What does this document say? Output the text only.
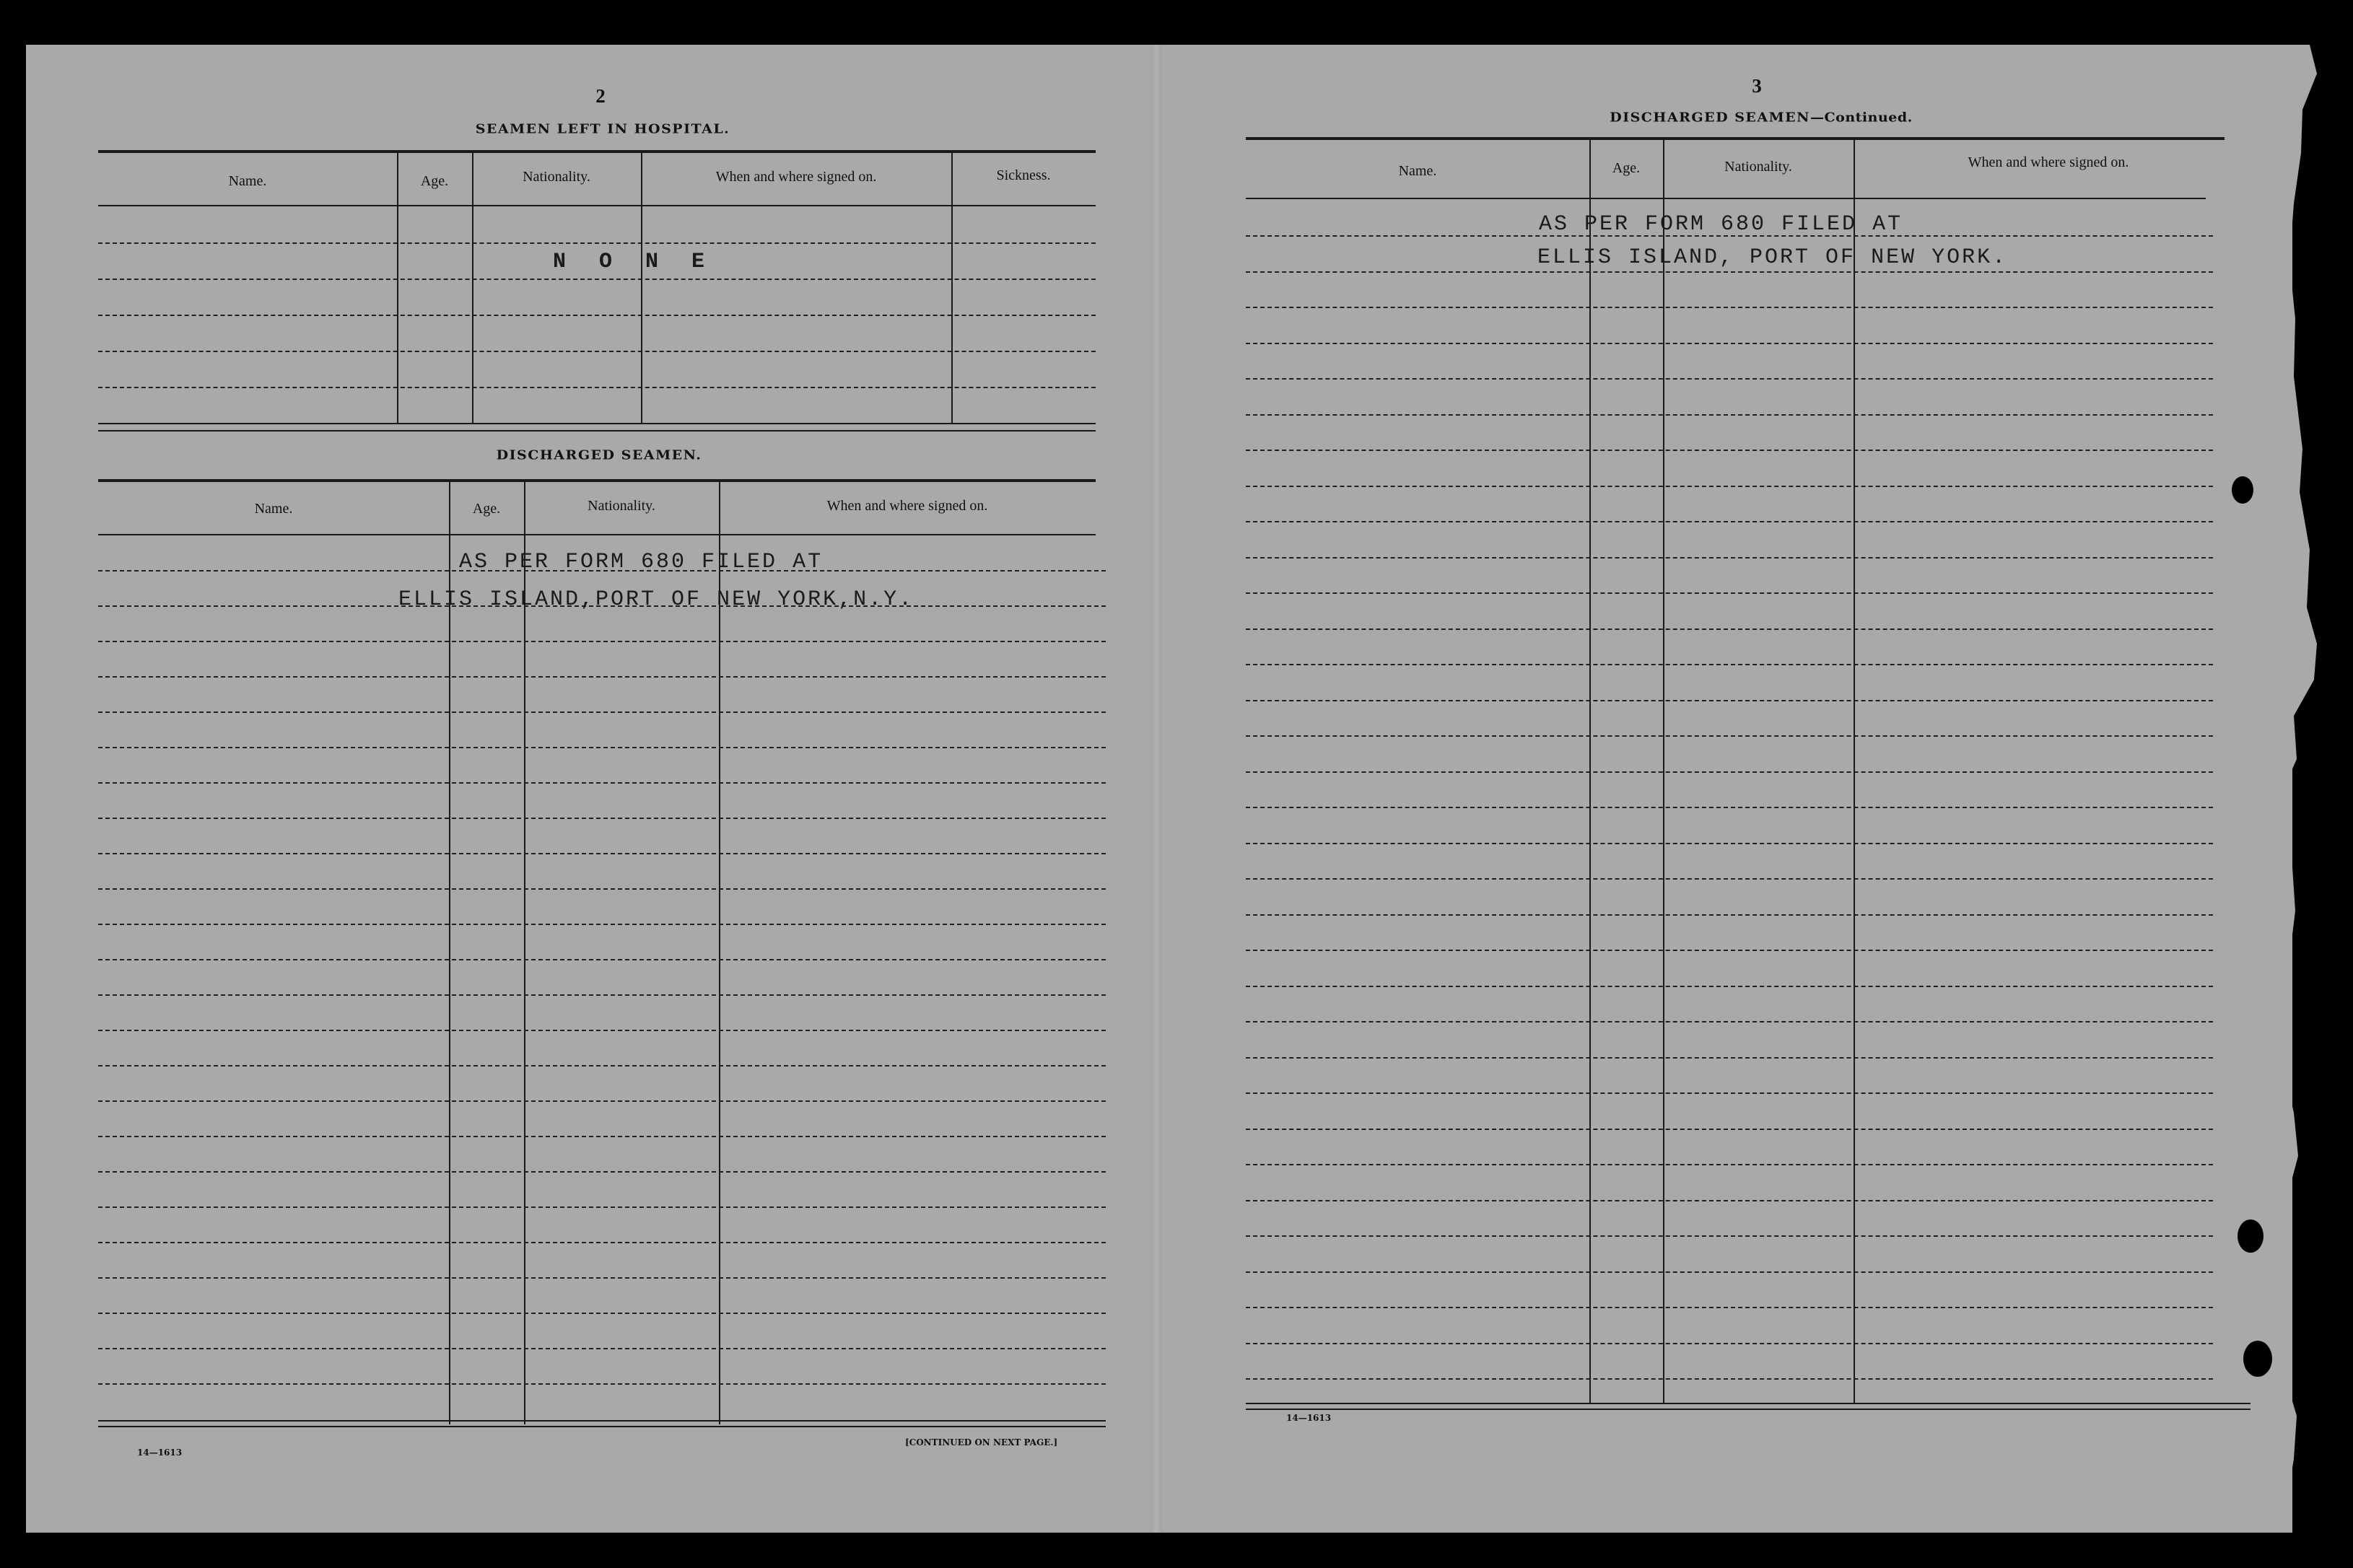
2
SEAMEN LEFT IN HOSPITAL.
Name.	Age.	Nationality.	When and where signed on.	Sickness.
N O N E
DISCHARGED SEAMEN.
Name.	Age.	Nationality.	When and where signed on.
AS PER FORM 680 FILED AT
ELLIS ISLAND,PORT OF NEW YORK,N.Y.
14—1613
[CONTINUED ON NEXT PAGE.]
3
DISCHARGED SEAMEN—Continued.
Name.	Age.	Nationality.	When and where signed on.
AS PER FORM 680 FILED AT
ELLIS ISLAND, PORT OF NEW YORK.
14—1613
